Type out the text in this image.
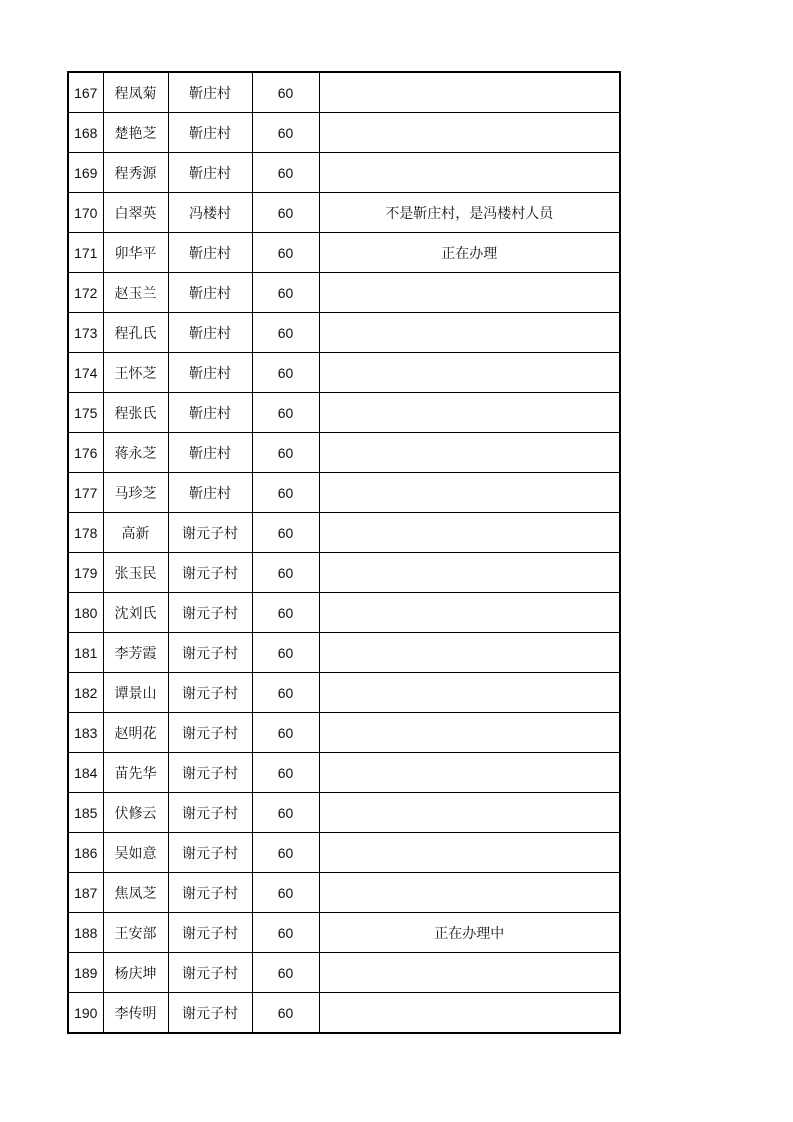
167	程凤菊	靳庄村	60	
168	楚艳芝	靳庄村	60	
169	程秀源	靳庄村	60	
170	白翠英	冯楼村	60	不是靳庄村，是冯楼村人员
171	卯华平	靳庄村	60	正在办理
172	赵玉兰	靳庄村	60	
173	程孔氏	靳庄村	60	
174	王怀芝	靳庄村	60	
175	程张氏	靳庄村	60	
176	蒋永芝	靳庄村	60	
177	马珍芝	靳庄村	60	
178	高新	谢元子村	60	
179	张玉民	谢元子村	60	
180	沈刘氏	谢元子村	60	
181	李芳霞	谢元子村	60	
182	谭景山	谢元子村	60	
183	赵明花	谢元子村	60	
184	苗先华	谢元子村	60	
185	伏修云	谢元子村	60	
186	吴如意	谢元子村	60	
187	焦凤芝	谢元子村	60	
188	王安部	谢元子村	60	正在办理中
189	杨庆坤	谢元子村	60	
190	李传明	谢元子村	60	
